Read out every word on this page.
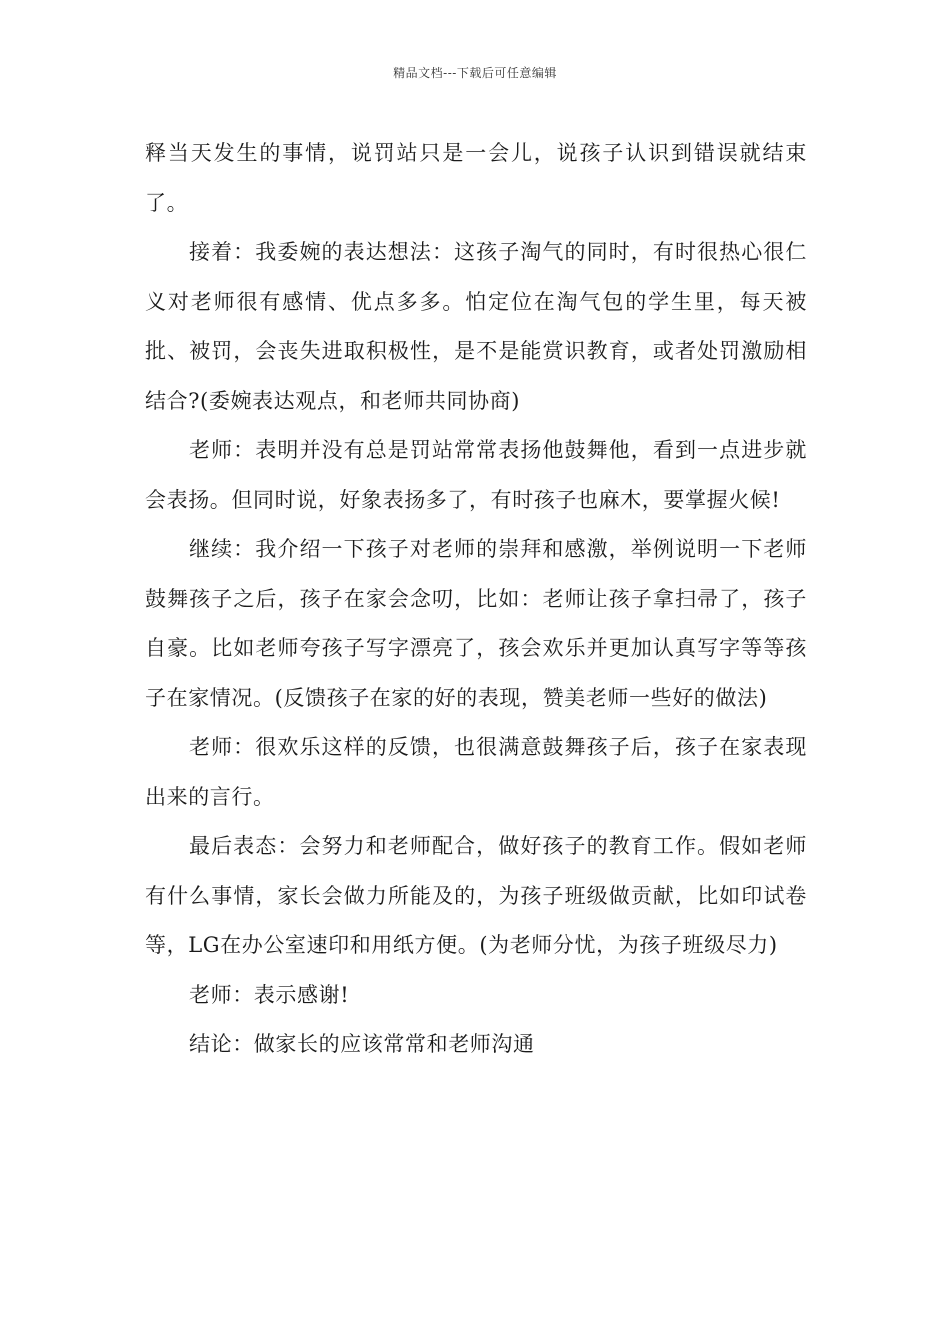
精品文档---下载后可任意编辑

释当天发生的事情，说罚站只是一会儿，说孩子认识到错误就结束了。

接着：我委婉的表达想法：这孩子淘气的同时，有时很热心很仁义对老师很有感情、优点多多。怕定位在淘气包的学生里，每天被批、被罚，会丧失进取积极性，是不是能赏识教育，或者处罚激励相结合?(委婉表达观点，和老师共同协商)

老师：表明并没有总是罚站常常表扬他鼓舞他，看到一点进步就会表扬。但同时说，好象表扬多了，有时孩子也麻木，要掌握火候!

继续：我介绍一下孩子对老师的崇拜和感激，举例说明一下老师鼓舞孩子之后，孩子在家会念叨，比如：老师让孩子拿扫帚了，孩子自豪。比如老师夸孩子写字漂亮了，孩会欢乐并更加认真写字等等孩子在家情况。(反馈孩子在家的好的表现，赞美老师一些好的做法)

老师：很欢乐这样的反馈，也很满意鼓舞孩子后，孩子在家表现出来的言行。

最后表态：会努力和老师配合，做好孩子的教育工作。假如老师有什么事情，家长会做力所能及的，为孩子班级做贡献，比如印试卷等，LG在办公室速印和用纸方便。(为老师分忧，为孩子班级尽力)

老师：表示感谢!

结论：做家长的应该常常和老师沟通
